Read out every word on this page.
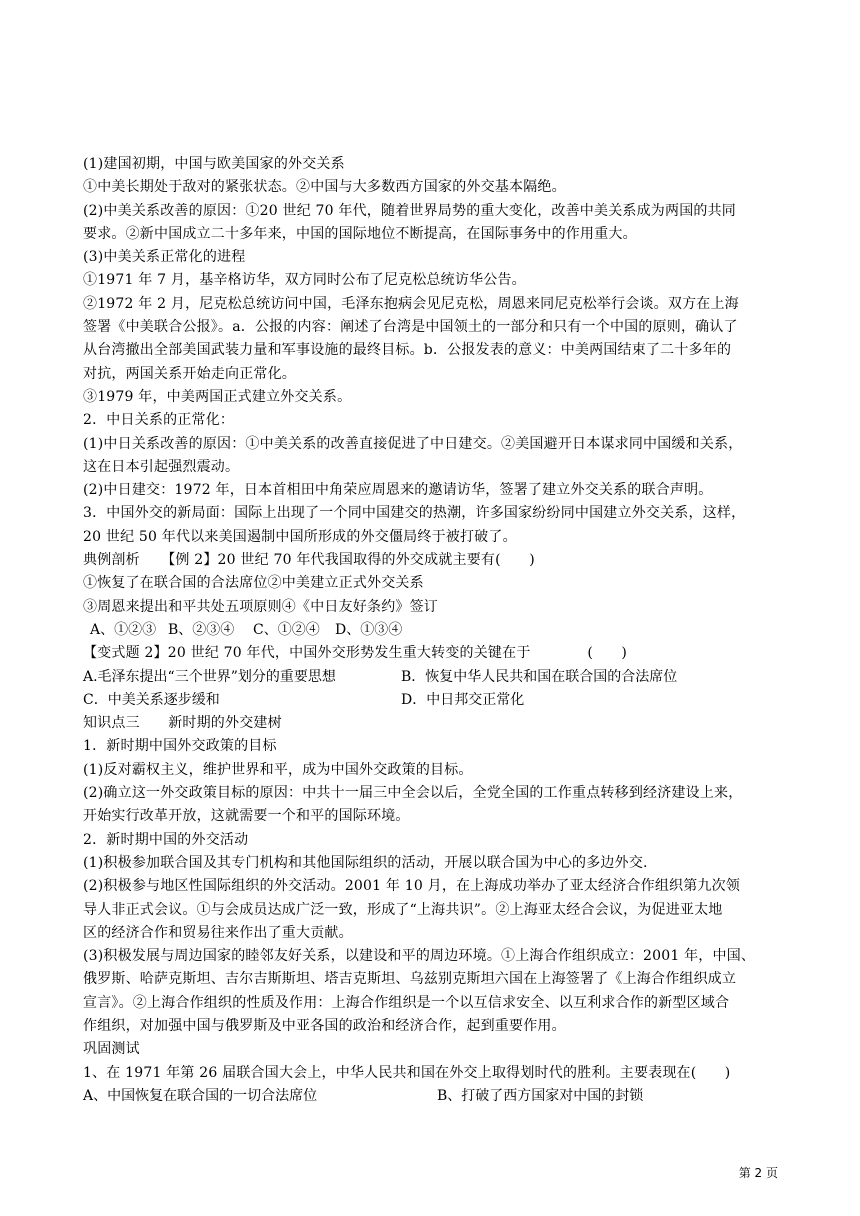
(1)建国初期，中国与欧美国家的外交关系

①中美长期处于敌对的紧张状态。②中国与大多数西方国家的外交基本隔绝。

(2)中美关系改善的原因：①20 世纪 70 年代，随着世界局势的重大变化，改善中美关系成为两国的共同

要求。②新中国成立二十多年来，中国的国际地位不断提高，在国际事务中的作用重大。

(3)中美关系正常化的进程

①1971 年 7 月，基辛格访华，双方同时公布了尼克松总统访华公告。

②1972 年 2 月，尼克松总统访问中国，毛泽东抱病会见尼克松，周恩来同尼克松举行会谈。双方在上海

签署《中美联合公报》。a．公报的内容：阐述了台湾是中国领土的一部分和只有一个中国的原则，确认了

从台湾撤出全部美国武装力量和军事设施的最终目标。b．公报发表的意义：中美两国结束了二十多年的

对抗，两国关系开始走向正常化。

③1979 年，中美两国正式建立外交关系。

2．中日关系的正常化：

(1)中日关系改善的原因：①中美关系的改善直接促进了中日建交。②美国避开日本谋求同中国缓和关系，

这在日本引起强烈震动。

(2)中日建交：1972 年，日本首相田中角荣应周恩来的邀请访华，签署了建立外交关系的联合声明。

3．中国外交的新局面：国际上出现了一个同中国建交的热潮，许多国家纷纷同中国建立外交关系，这样，

20 世纪 50 年代以来美国遏制中国所形成的外交僵局终于被打破了。

典例剖析　　【例 2】20 世纪 70 年代我国取得的外交成就主要有(　　)

①恢复了在联合国的合法席位②中美建立正式外交关系

③周恩来提出和平共处五项原则④《中日友好条约》签订

A、①②③ B、②③④	C、①②④	D、①③④

【变式题 2】20 世纪 70 年代，中国外交形势发生重大转变的关键在于　　　　(　　)

A.毛泽东提出“三个世界”划分的重要思想	B．恢复中华人民共和国在联合国的合法席位
C．中美关系逐步缓和	D．中日邦交正常化

知识点三　　新时期的外交建树

1．新时期中国外交政策的目标

(1)反对霸权主义，维护世界和平，成为中国外交政策的目标。

(2)确立这一外交政策目标的原因：中共十一届三中全会以后，全党全国的工作重点转移到经济建设上来，

开始实行改革开放，这就需要一个和平的国际环境。

2．新时期中国的外交活动

(1)积极参加联合国及其专门机构和其他国际组织的活动，开展以联合国为中心的多边外交.

(2)积极参与地区性国际组织的外交活动。2001 年 10 月，在上海成功举办了亚太经济合作组织第九次领

导人非正式会议。①与会成员达成广泛一致，形成了“上海共识”。②上海亚太经合会议，为促进亚太地

区的经济合作和贸易往来作出了重大贡献。

(3)积极发展与周边国家的睦邻友好关系，以建设和平的周边环境。①上海合作组织成立：2001 年，中国、

俄罗斯、哈萨克斯坦、吉尔吉斯斯坦、塔吉克斯坦、乌兹别克斯坦六国在上海签署了《上海合作组织成立

宣言》。②上海合作组织的性质及作用：上海合作组织是一个以互信求安全、以互利求合作的新型区域合

作组织，对加强中国与俄罗斯及中亚各国的政治和经济合作，起到重要作用。

巩固测试

1、在 1971 年第 26 届联合国大会上，中华人民共和国在外交上取得划时代的胜利。主要表现在(　　)

A、中国恢复在联合国的一切合法席位	B、打破了西方国家对中国的封锁
第 2 页
